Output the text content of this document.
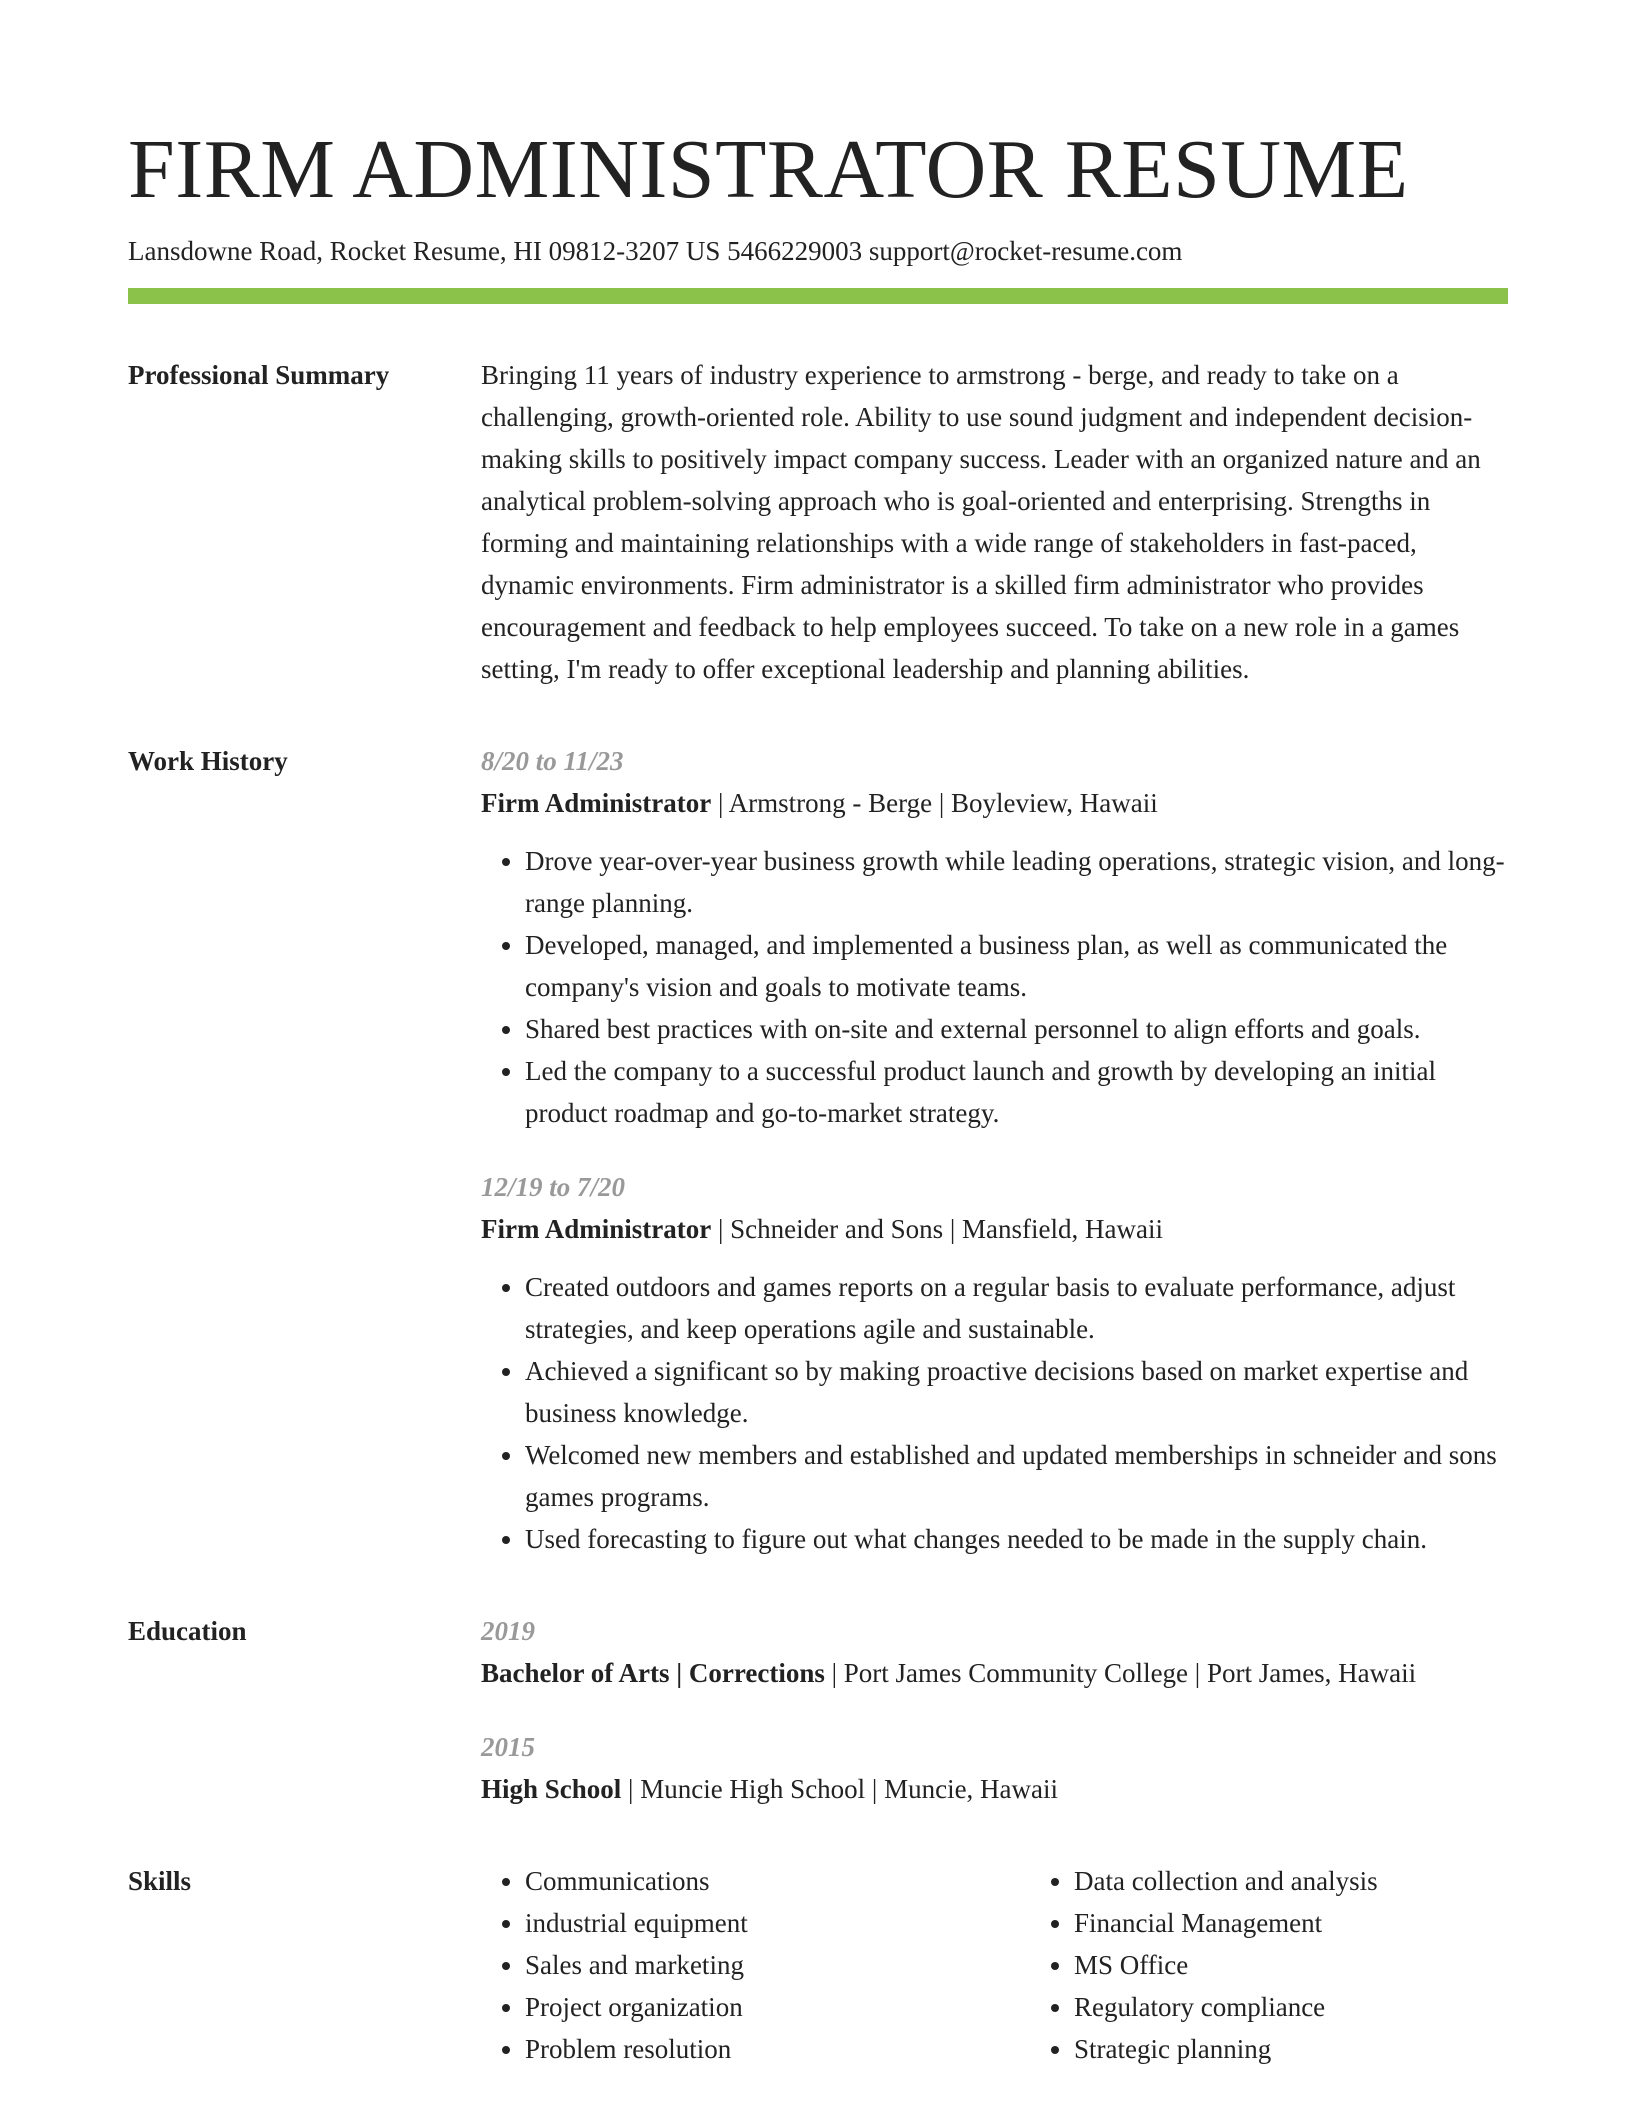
FIRM ADMINISTRATOR RESUME
Lansdowne Road, Rocket Resume, HI 09812-3207 US 5466229003 support@rocket-resume.com
Professional Summary	Bringing 11 years of industry experience to armstrong - berge, and ready to take on a challenging, growth-oriented role. Ability to use sound judgment and independent decision-making skills to positively impact company success. Leader with an organized nature and an analytical problem-solving approach who is goal-oriented and enterprising. Strengths in forming and maintaining relationships with a wide range of stakeholders in fast-paced, dynamic environments. Firm administrator is a skilled firm administrator who provides encouragement and feedback to help employees succeed. To take on a new role in a games setting, I'm ready to offer exceptional leadership and planning abilities.

Work History	8/20 to 11/23
Firm Administrator | Armstrong - Berge | Boyleview, Hawaii
• Drove year-over-year business growth while leading operations, strategic vision, and long-range planning.
• Developed, managed, and implemented a business plan, as well as communicated the company's vision and goals to motivate teams.
• Shared best practices with on-site and external personnel to align efforts and goals.
• Led the company to a successful product launch and growth by developing an initial product roadmap and go-to-market strategy.
12/19 to 7/20
Firm Administrator | Schneider and Sons | Mansfield, Hawaii
• Created outdoors and games reports on a regular basis to evaluate performance, adjust strategies, and keep operations agile and sustainable.
• Achieved a significant so by making proactive decisions based on market expertise and business knowledge.
• Welcomed new members and established and updated memberships in schneider and sons games programs.
• Used forecasting to figure out what changes needed to be made in the supply chain.
Education	2019
Bachelor of Arts | Corrections | Port James Community College | Port James, Hawaii
2015
High School | Muncie High School | Muncie, Hawaii
Skills
•	Communications
• industrial equipment
• Sales and marketing
• Project organization
• Problem resolution
• Data collection and analysis
• Financial Management
• MS Office
• Regulatory compliance
• Strategic planning
